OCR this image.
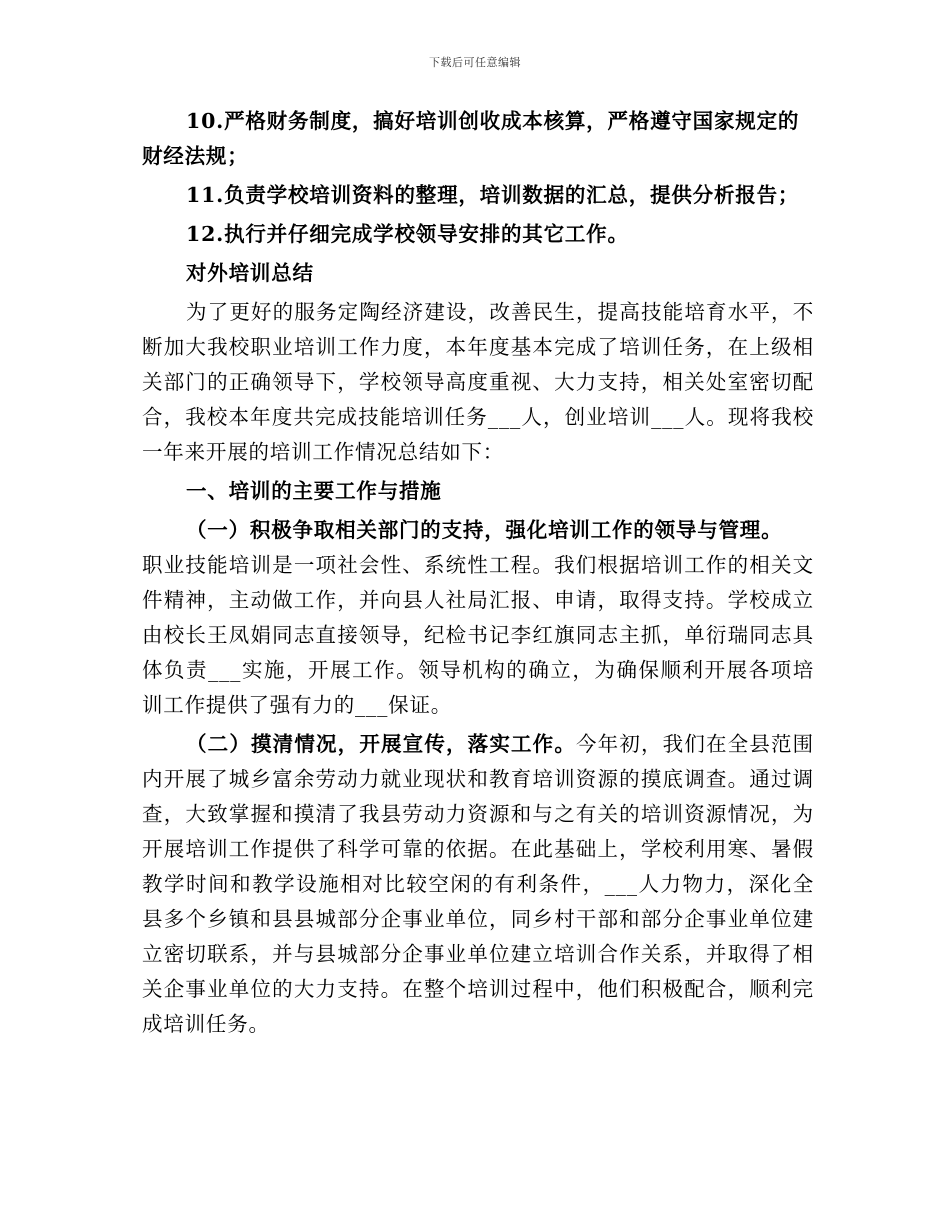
下载后可任意编辑
10.严格财务制度，搞好培训创收成本核算，严格遵守国家规定的财经法规；
11.负责学校培训资料的整理，培训数据的汇总，提供分析报告；
12.执行并仔细完成学校领导安排的其它工作。
对外培训总结
为了更好的服务定陶经济建设，改善民生，提高技能培育水平，不断加大我校职业培训工作力度，本年度基本完成了培训任务，在上级相关部门的正确领导下，学校领导高度重视、大力支持，相关处室密切配合，我校本年度共完成技能培训任务___人，创业培训___人。现将我校一年来开展的培训工作情况总结如下：
一、培训的主要工作与措施
（一）积极争取相关部门的支持，强化培训工作的领导与管理。
职业技能培训是一项社会性、系统性工程。我们根据培训工作的相关文件精神，主动做工作，并向县人社局汇报、申请，取得支持。学校成立由校长王凤娟同志直接领导，纪检书记李红旗同志主抓，单衍瑞同志具体负责___实施，开展工作。领导机构的确立，为确保顺利开展各项培训工作提供了强有力的___保证。
（二）摸清情况，开展宣传，落实工作。今年初，我们在全县范围内开展了城乡富余劳动力就业现状和教育培训资源的摸底调查。通过调查，大致掌握和摸清了我县劳动力资源和与之有关的培训资源情况，为开展培训工作提供了科学可靠的依据。在此基础上，学校利用寒、暑假教学时间和教学设施相对比较空闲的有利条件，___人力物力，深化全县多个乡镇和县县城部分企事业单位，同乡村干部和部分企事业单位建立密切联系，并与县城部分企事业单位建立培训合作关系，并取得了相关企事业单位的大力支持。在整个培训过程中，他们积极配合，顺利完成培训任务。
